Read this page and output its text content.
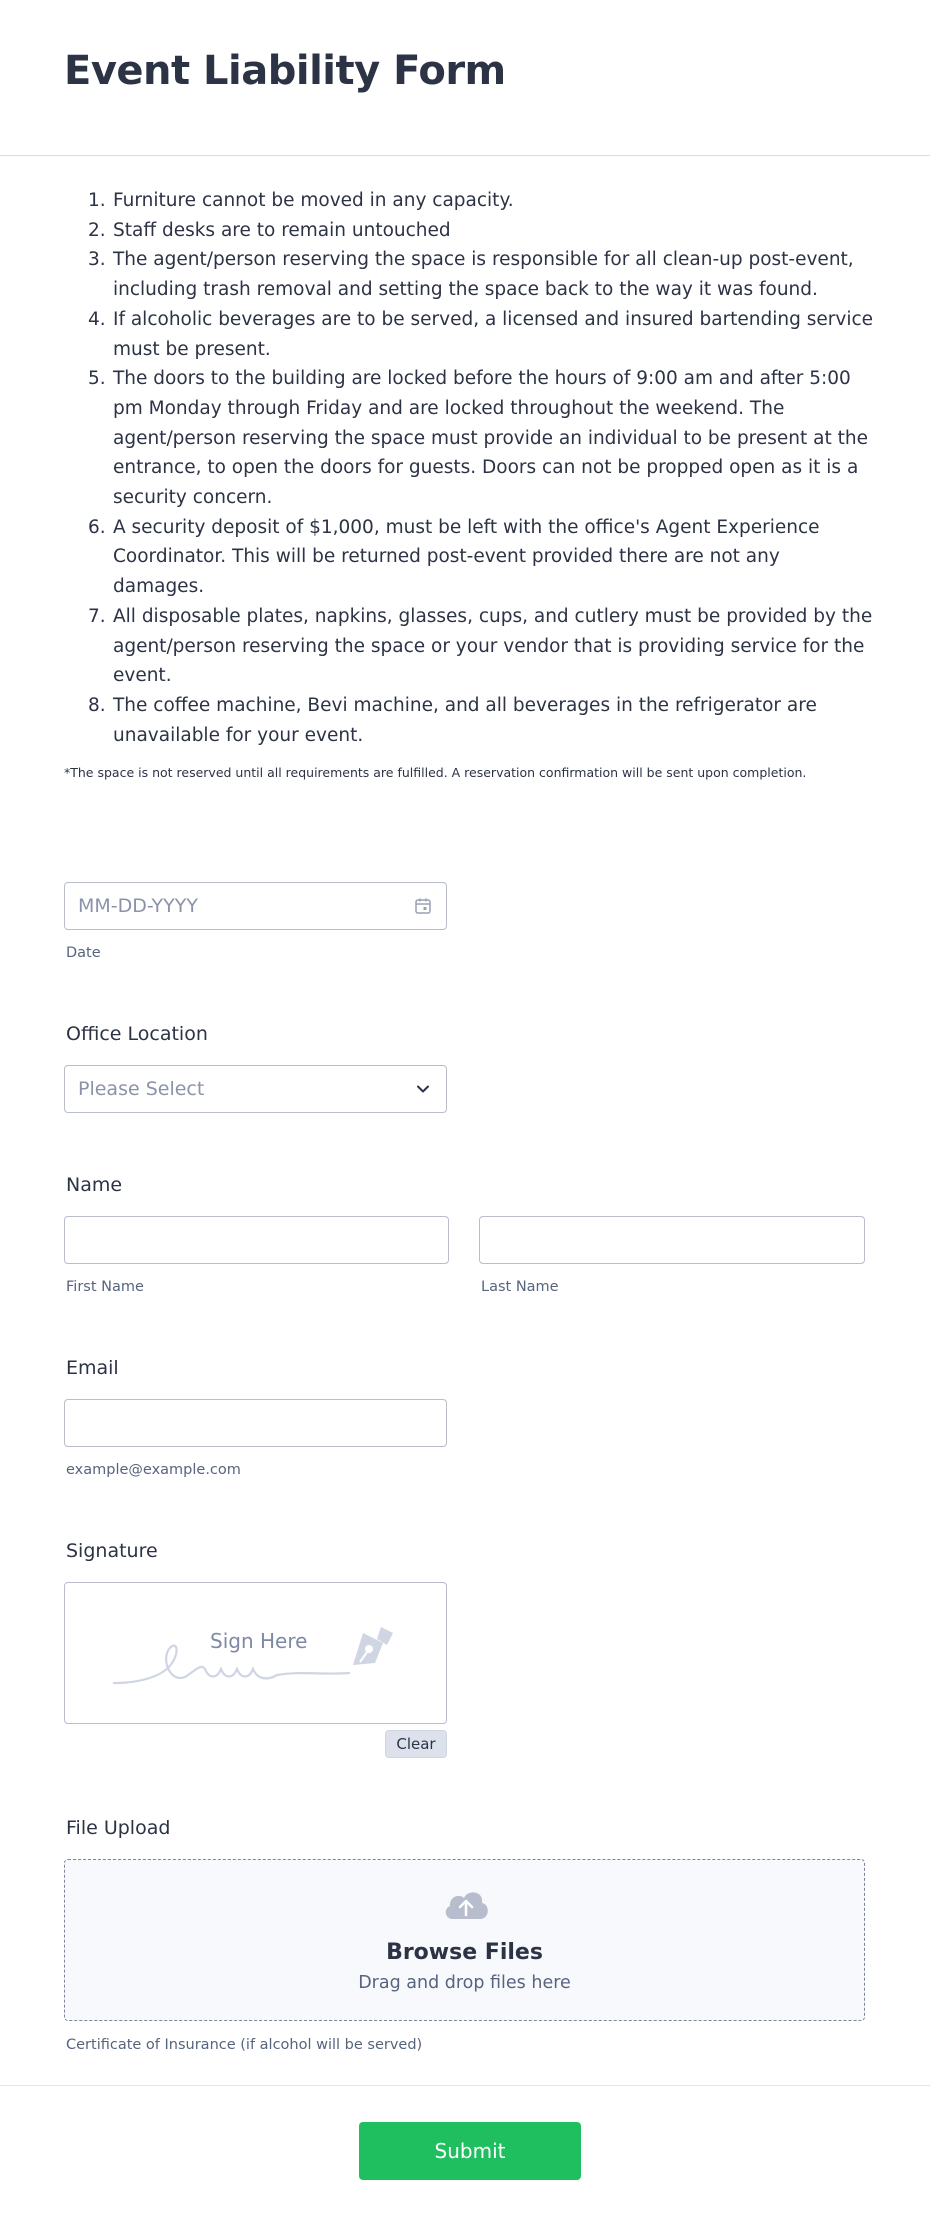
Event Liability Form
1. Furniture cannot be moved in any capacity.
2. Staff desks are to remain untouched
3. The agent/person reserving the space is responsible for all clean-up post-event, including trash removal and setting the space back to the way it was found.
4. If alcoholic beverages are to be served, a licensed and insured bartending service must be present.
5. The doors to the building are locked before the hours of 9:00 am and after 5:00 pm Monday through Friday and are locked throughout the weekend. The agent/person reserving the space must provide an individual to be present at the entrance, to open the doors for guests. Doors can not be propped open as it is a security concern.
6. A security deposit of $1,000, must be left with the office's Agent Experience Coordinator. This will be returned post-event provided there are not any damages.
7. All disposable plates, napkins, glasses, cups, and cutlery must be provided by the agent/person reserving the space or your vendor that is providing service for the event.
8. The coffee machine, Bevi machine, and all beverages in the refrigerator are unavailable for your event.
*The space is not reserved until all requirements are fulfilled. A reservation confirmation will be sent upon completion.
MM-DD-YYYY
Date
Office Location
Please Select
Name
First Name	Last Name
Email
example@example.com
Signature
Sign Here
Clear
File Upload
Browse Files
Drag and drop files here
Certificate of Insurance (if alcohol will be served)
Submit
